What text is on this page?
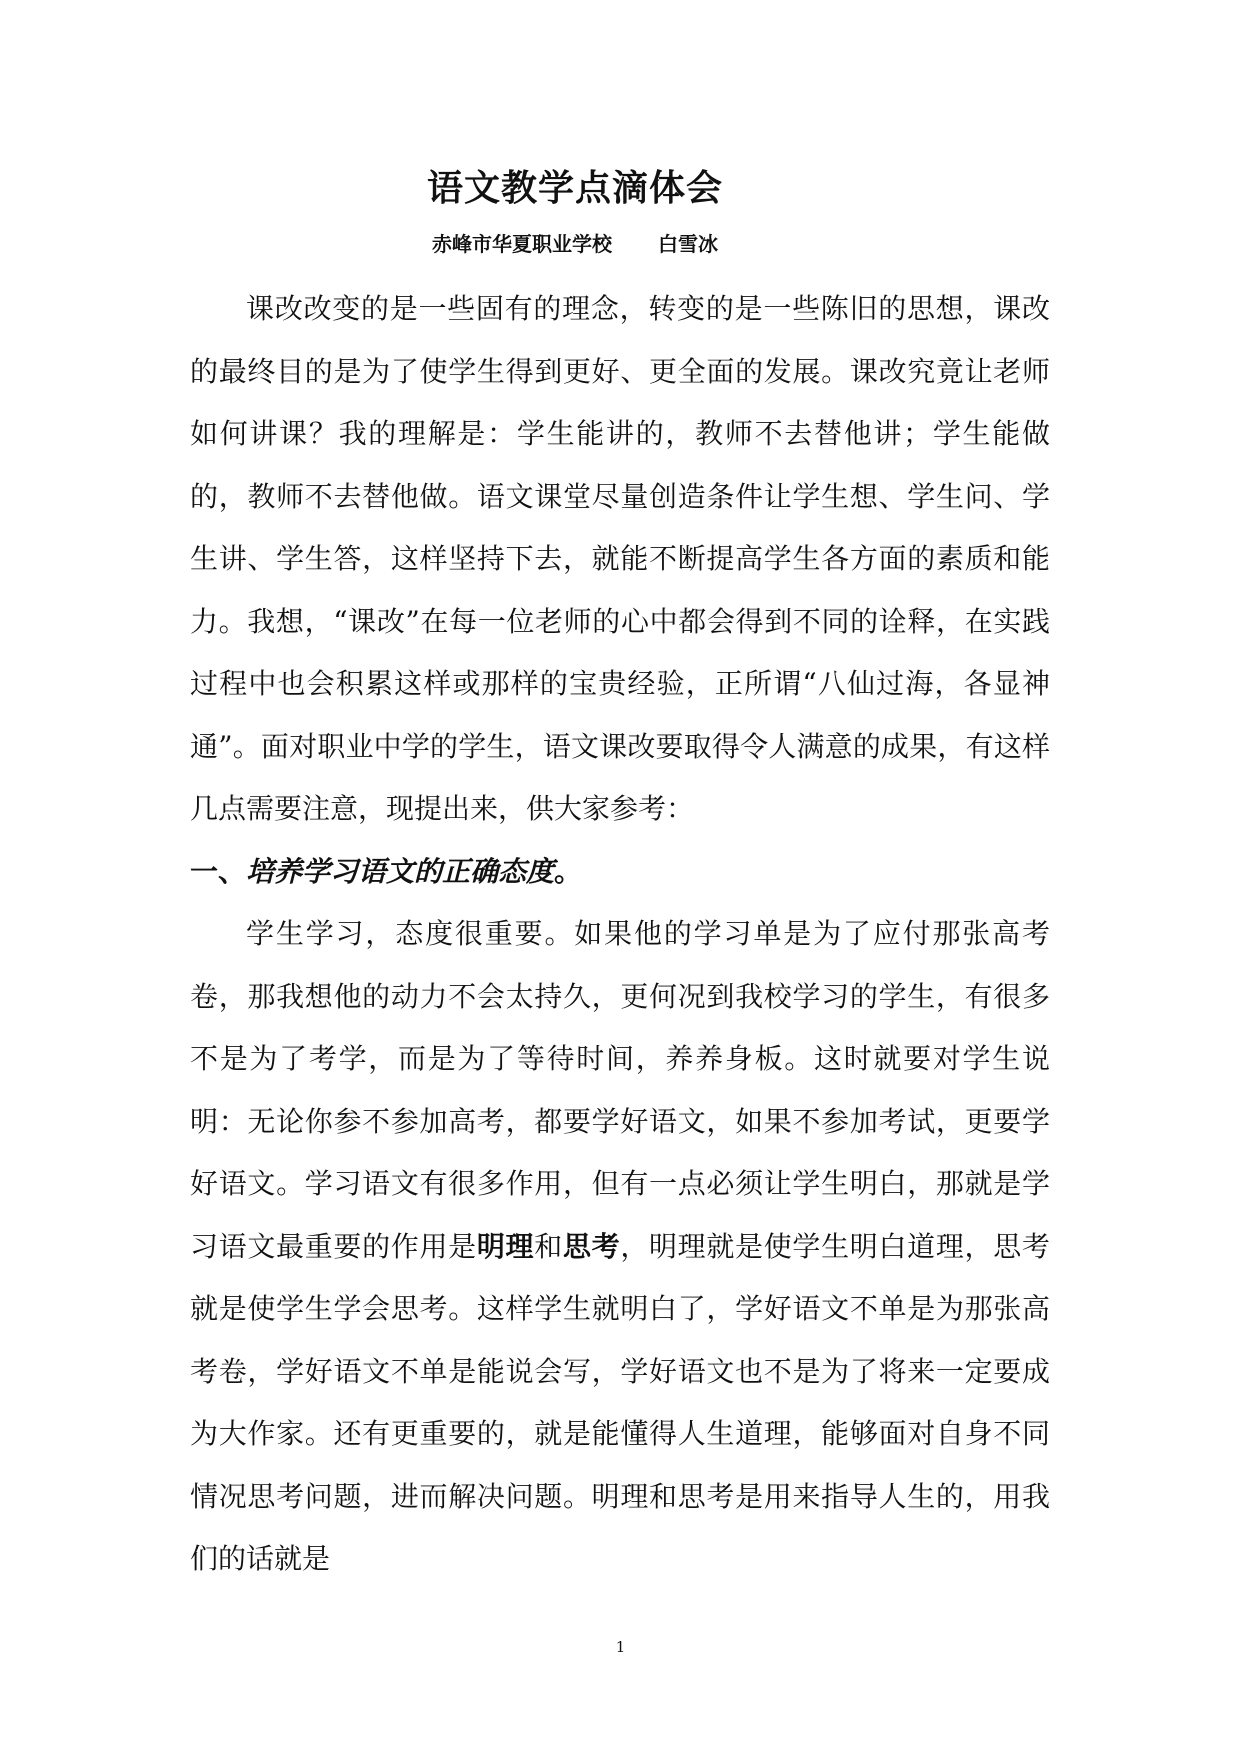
语文教学点滴体会
赤峰市华夏职业学校 白雪冰

课改改变的是一些固有的理念，转变的是一些陈旧的思想，课改的最终目的是为了使学生得到更好、更全面的发展。课改究竟让老师如何讲课？我的理解是：学生能讲的，教师不去替他讲；学生能做的，教师不去替他做。语文课堂尽量创造条件让学生想、学生问、学生讲、学生答，这样坚持下去，就能不断提高学生各方面的素质和能力。我想，“课改”在每一位老师的心中都会得到不同的诠释，在实践过程中也会积累这样或那样的宝贵经验，正所谓“八仙过海，各显神通”。面对职业中学的学生，语文课改要取得令人满意的成果，有这样几点需要注意，现提出来，供大家参考：

一、培养学习语文的正确态度。

学生学习，态度很重要。如果他的学习单是为了应付那张高考卷，那我想他的动力不会太持久，更何况到我校学习的学生，有很多不是为了考学，而是为了等待时间，养养身板。这时就要对学生说明：无论你参不参加高考，都要学好语文，如果不参加考试，更要学好语文。学习语文有很多作用，但有一点必须让学生明白，那就是学习语文最重要的作用是明理和思考，明理就是使学生明白道理，思考就是使学生学会思考。这样学生就明白了，学好语文不单是为那张高考卷，学好语文不单是能说会写，学好语文也不是为了将来一定要成为大作家。还有更重要的，就是能懂得人生道理，能够面对自身不同情况思考问题，进而解决问题。明理和思考是用来指导人生的，用我们的话就是

1
